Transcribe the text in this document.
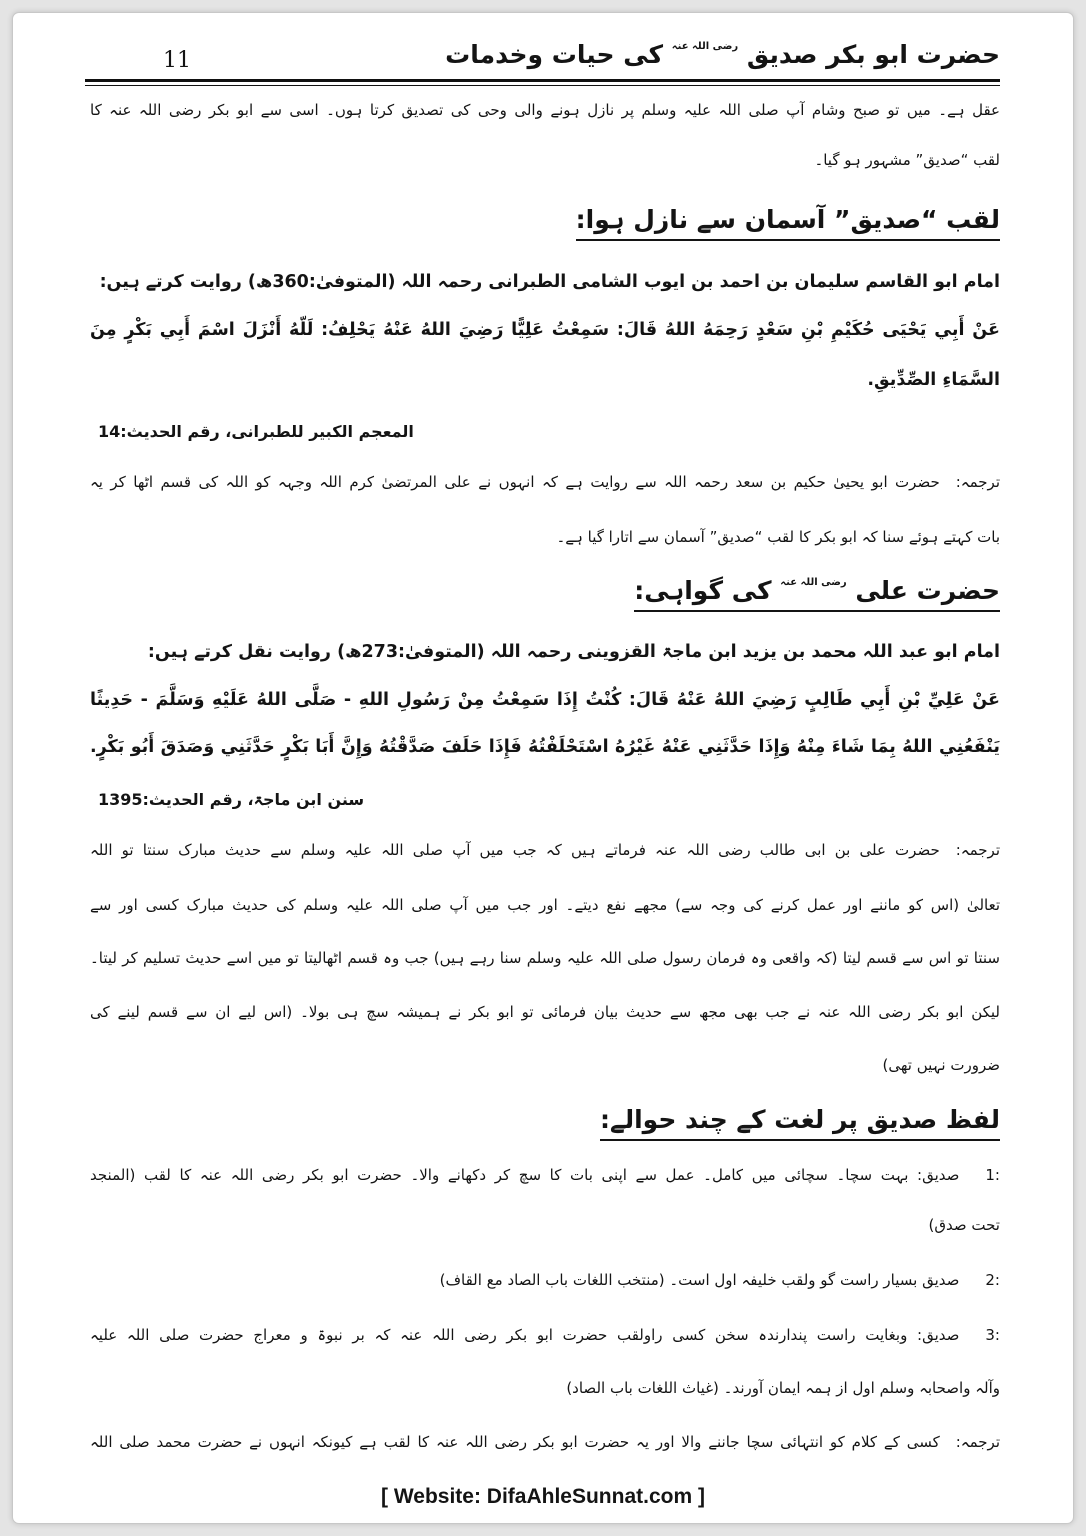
حضرت ابو بکر صدیق رضی اللہ عنہ کی حیات وخدمات
11
عقل ہے۔ میں تو صبح وشام آپ صلی اللہ علیہ وسلم پر نازل ہونے والی وحی کی تصدیق کرتا ہوں۔ اسی سے ابو بکر رضی اللہ عنہ کا
لقب “صدیق” مشہور ہو گیا۔
لقب “صدیق” آسمان سے نازل ہوا:
امام ابو القاسم سلیمان بن احمد بن ایوب الشامی الطبرانی رحمہ اللہ (المتوفیٰ:360ھ) روایت کرتے ہیں:
عَنْ أَبِي يَحْيَى حُكَيْمِ بْنِ سَعْدٍ رَحِمَهُ اللهُ قَالَ: سَمِعْتُ عَلِيًّا رَضِيَ اللهُ عَنْهُ يَحْلِفُ: لَلّهُ أَنْزَلَ اسْمَ أَبِي بَكْرٍ مِنَ
السَّمَاءِ الصِّدِّيقِ.
المعجم الکبیر للطبرانی، رقم الحدیث:14
ترجمہ:حضرت ابو یحییٰ حکیم بن سعد رحمہ اللہ سے روایت ہے کہ انہوں نے علی المرتضیٰ کرم اللہ وجہہ کو اللہ کی قسم اٹھا کر یہ
بات کہتے ہوئے سنا کہ ابو بکر کا لقب “صدیق” آسمان سے اتارا گیا ہے۔
حضرت علی رضی اللہ عنہ کی گواہی:
امام ابو عبد اللہ محمد بن یزید ابن ماجۃ القزوینی رحمہ اللہ (المتوفیٰ:273ھ) روایت نقل کرتے ہیں:
عَنْ عَلِيِّ بْنِ أَبِي طَالِبٍ رَضِيَ اللهُ عَنْهُ قَالَ: كُنْتُ إِذَا سَمِعْتُ مِنْ رَسُولِ اللهِ - صَلَّى اللهُ عَلَيْهِ وَسَلَّمَ - حَدِيثًا
يَنْفَعُنِي اللهُ بِمَا شَاءَ مِنْهُ وَإِذَا حَدَّثَنِي عَنْهُ غَيْرُهُ اسْتَحْلَفْتُهُ فَإِذَا حَلَفَ صَدَّقْتُهُ وَإِنَّ أَبَا بَكْرٍ حَدَّثَنِي وَصَدَقَ أَبُو بَكْرٍ.
سنن ابن ماجۃ، رقم الحدیث:1395
ترجمہ:حضرت علی بن ابی طالب رضی اللہ عنہ فرماتے ہیں کہ جب میں آپ صلی اللہ علیہ وسلم سے حدیث مبارک سنتا تو اللہ
تعالیٰ (اس کو ماننے اور عمل کرنے کی وجہ سے) مجھے نفع دیتے۔ اور جب میں آپ صلی اللہ علیہ وسلم کی حدیث مبارک کسی اور سے
سنتا تو اس سے قسم لیتا (کہ واقعی وہ فرمان رسول صلی اللہ علیہ وسلم سنا رہے ہیں) جب وہ قسم اٹھالیتا تو میں اسے حدیث تسلیم کر لیتا۔
لیکن ابو بکر رضی اللہ عنہ نے جب بھی مجھ سے حدیث بیان فرمائی تو ابو بکر نے ہمیشہ سچ ہی بولا۔ (اس لیے ان سے قسم لینے کی
ضرورت نہیں تھی)
لفظ صدیق پر لغت کے چند حوالے:
1:صدیق: بہت سچا۔ سچائی میں کامل۔ عمل سے اپنی بات کا سچ کر دکھانے والا۔ حضرت ابو بکر رضی اللہ عنہ کا لقب (المنجد
تحت صدق)
2:صدیق بسیار راست گو ولقب خلیفہ اول است۔ (منتخب اللغات باب الصاد مع القاف)
3:صدیق: وبغایت راست پندارندہ سخن کسی راولقب حضرت ابو بکر رضی اللہ عنہ کہ بر نبوۃ و معراج حضرت صلی اللہ علیہ
وآلہ واصحابہ وسلم اول از ہمہ ایمان آورند۔ (غیاث اللغات باب الصاد)
ترجمہ:کسی کے کلام کو انتہائی سچا جاننے والا اور یہ حضرت ابو بکر رضی اللہ عنہ کا لقب ہے کیونکہ انہوں نے حضرت محمد صلی اللہ
[ Website: DifaAhleSunnat.com ]
